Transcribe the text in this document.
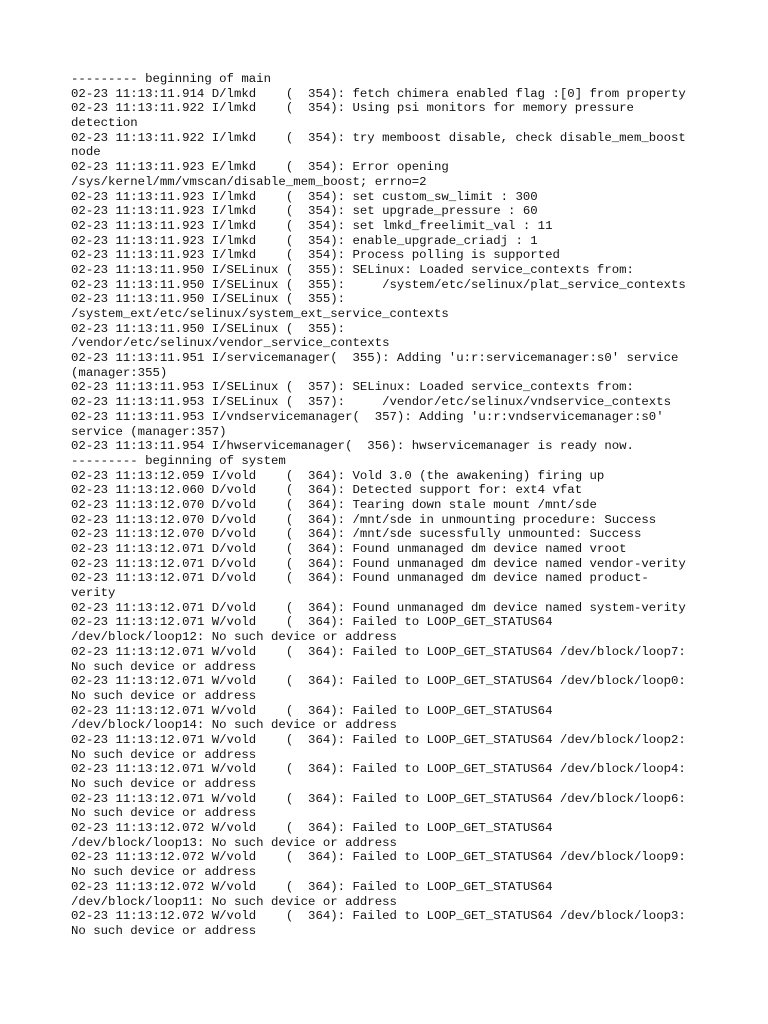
--------- beginning of main
02-23 11:13:11.914 D/lmkd    (  354): fetch chimera enabled flag :[0] from property
02-23 11:13:11.922 I/lmkd    (  354): Using psi monitors for memory pressure
detection
02-23 11:13:11.922 I/lmkd    (  354): try memboost disable, check disable_mem_boost
node
02-23 11:13:11.923 E/lmkd    (  354): Error opening
/sys/kernel/mm/vmscan/disable_mem_boost; errno=2
02-23 11:13:11.923 I/lmkd    (  354): set custom_sw_limit : 300
02-23 11:13:11.923 I/lmkd    (  354): set upgrade_pressure : 60
02-23 11:13:11.923 I/lmkd    (  354): set lmkd_freelimit_val : 11
02-23 11:13:11.923 I/lmkd    (  354): enable_upgrade_criadj : 1
02-23 11:13:11.923 I/lmkd    (  354): Process polling is supported
02-23 11:13:11.950 I/SELinux (  355): SELinux: Loaded service_contexts from:
02-23 11:13:11.950 I/SELinux (  355):     /system/etc/selinux/plat_service_contexts
02-23 11:13:11.950 I/SELinux (  355):
/system_ext/etc/selinux/system_ext_service_contexts
02-23 11:13:11.950 I/SELinux (  355):
/vendor/etc/selinux/vendor_service_contexts
02-23 11:13:11.951 I/servicemanager(  355): Adding 'u:r:servicemanager:s0' service
(manager:355)
02-23 11:13:11.953 I/SELinux (  357): SELinux: Loaded service_contexts from:
02-23 11:13:11.953 I/SELinux (  357):     /vendor/etc/selinux/vndservice_contexts
02-23 11:13:11.953 I/vndservicemanager(  357): Adding 'u:r:vndservicemanager:s0'
service (manager:357)
02-23 11:13:11.954 I/hwservicemanager(  356): hwservicemanager is ready now.
--------- beginning of system
02-23 11:13:12.059 I/vold    (  364): Vold 3.0 (the awakening) firing up
02-23 11:13:12.060 D/vold    (  364): Detected support for: ext4 vfat
02-23 11:13:12.070 D/vold    (  364): Tearing down stale mount /mnt/sde
02-23 11:13:12.070 D/vold    (  364): /mnt/sde in unmounting procedure: Success
02-23 11:13:12.070 D/vold    (  364): /mnt/sde sucessfully unmounted: Success
02-23 11:13:12.071 D/vold    (  364): Found unmanaged dm device named vroot
02-23 11:13:12.071 D/vold    (  364): Found unmanaged dm device named vendor-verity
02-23 11:13:12.071 D/vold    (  364): Found unmanaged dm device named product-
verity
02-23 11:13:12.071 D/vold    (  364): Found unmanaged dm device named system-verity
02-23 11:13:12.071 W/vold    (  364): Failed to LOOP_GET_STATUS64
/dev/block/loop12: No such device or address
02-23 11:13:12.071 W/vold    (  364): Failed to LOOP_GET_STATUS64 /dev/block/loop7:
No such device or address
02-23 11:13:12.071 W/vold    (  364): Failed to LOOP_GET_STATUS64 /dev/block/loop0:
No such device or address
02-23 11:13:12.071 W/vold    (  364): Failed to LOOP_GET_STATUS64
/dev/block/loop14: No such device or address
02-23 11:13:12.071 W/vold    (  364): Failed to LOOP_GET_STATUS64 /dev/block/loop2:
No such device or address
02-23 11:13:12.071 W/vold    (  364): Failed to LOOP_GET_STATUS64 /dev/block/loop4:
No such device or address
02-23 11:13:12.071 W/vold    (  364): Failed to LOOP_GET_STATUS64 /dev/block/loop6:
No such device or address
02-23 11:13:12.072 W/vold    (  364): Failed to LOOP_GET_STATUS64
/dev/block/loop13: No such device or address
02-23 11:13:12.072 W/vold    (  364): Failed to LOOP_GET_STATUS64 /dev/block/loop9:
No such device or address
02-23 11:13:12.072 W/vold    (  364): Failed to LOOP_GET_STATUS64
/dev/block/loop11: No such device or address
02-23 11:13:12.072 W/vold    (  364): Failed to LOOP_GET_STATUS64 /dev/block/loop3:
No such device or address
